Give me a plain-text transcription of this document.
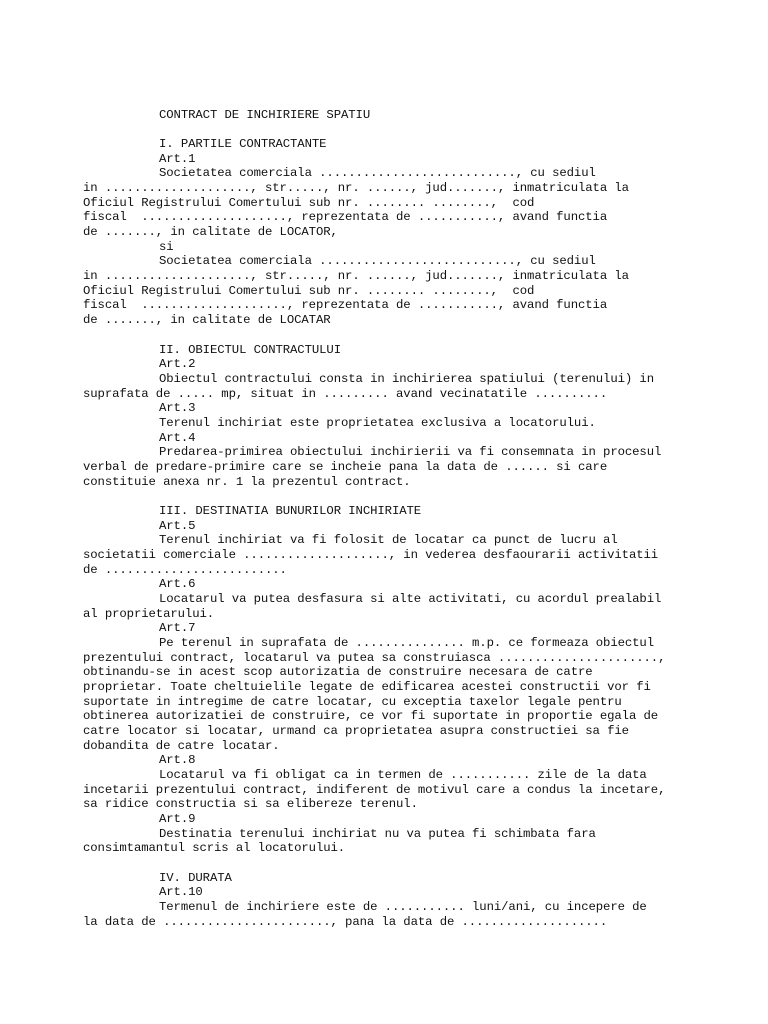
CONTRACT DE INCHIRIERE SPATIU
I. PARTILE CONTRACTANTE
Art.1
Societatea comerciala ..........................., cu sediul
in ...................., str....., nr. ......, jud......., inmatriculata la
Oficiul Registrului Comertului sub nr. ........ ........,  cod
fiscal  ...................., reprezentata de ..........., avand functia
de ......., in calitate de LOCATOR,
si
Societatea comerciala ..........................., cu sediul
in ...................., str....., nr. ......, jud......., inmatriculata la
Oficiul Registrului Comertului sub nr. ........ ........,  cod
fiscal  ...................., reprezentata de ..........., avand functia
de ......., in calitate de LOCATAR
II. OBIECTUL CONTRACTULUI
Art.2
Obiectul contractului consta in inchirierea spatiului (terenului) in
suprafata de ..... mp, situat in ......... avand vecinatatile ..........
Art.3
Terenul inchiriat este proprietatea exclusiva a locatorului.
Art.4
Predarea-primirea obiectului inchirierii va fi consemnata in procesul
verbal de predare-primire care se incheie pana la data de ...... si care
constituie anexa nr. 1 la prezentul contract.
III. DESTINATIA BUNURILOR INCHIRIATE
Art.5
Terenul inchiriat va fi folosit de locatar ca punct de lucru al
societatii comerciale ...................., in vederea desfaourarii activitatii
de .........................
Art.6
Locatarul va putea desfasura si alte activitati, cu acordul prealabil
al proprietarului.
Art.7
Pe terenul in suprafata de ............... m.p. ce formeaza obiectul
prezentului contract, locatarul va putea sa construiasca ......................,
obtinandu-se in acest scop autorizatia de construire necesara de catre
proprietar. Toate cheltuielile legate de edificarea acestei constructii vor fi
suportate in intregime de catre locatar, cu exceptia taxelor legale pentru
obtinerea autorizatiei de construire, ce vor fi suportate in proportie egala de
catre locator si locatar, urmand ca proprietatea asupra constructiei sa fie
dobandita de catre locatar.
Art.8
Locatarul va fi obligat ca in termen de ........... zile de la data
incetarii prezentului contract, indiferent de motivul care a condus la incetare,
sa ridice constructia si sa elibereze terenul.
Art.9
Destinatia terenului inchiriat nu va putea fi schimbata fara
consimtamantul scris al locatorului.
IV. DURATA
Art.10
Termenul de inchiriere este de ........... luni/ani, cu incepere de
la data de ......................., pana la data de ....................
